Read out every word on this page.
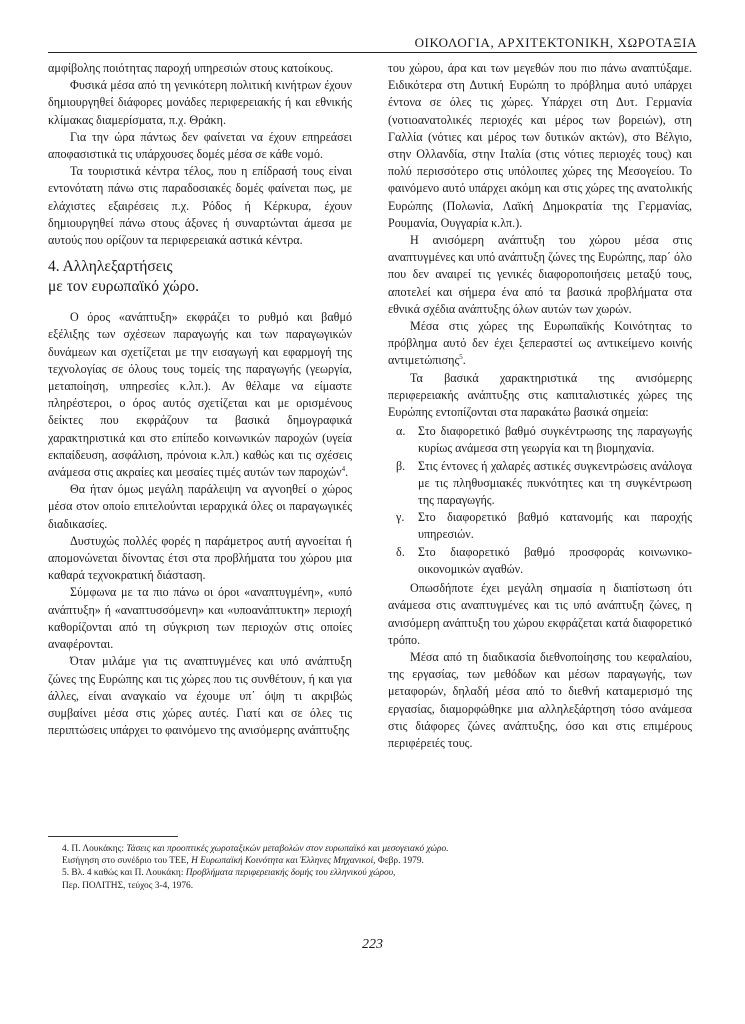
$_{OIKO\Lambda O\Gamma IA, APXITEKTONIKH, X\Omega POTA\Xi IA}$

αμφίβολης ποιότητας παροχή υπηρεσιών στους κατοίκους.

Φυσικά μέσα από τη γενικότερη πολιτική κινήτρων έχουν δημιουργηθεί διάφορες μονάδες περιφερειακής ή και εθνικής κλίμακας διαμερίσματα, π.χ. Θράκη.

Για την ώρα πάντως δεν φαίνεται να έχουν επηρεάσει αποφασιστικά τις υπάρχουσες δομές μέσα σε κάθε νομό.

Τα τουριστικά κέντρα τέλος, που η επίδρασή τους είναι εντονότατη πάνω στις παραδοσιακές δομές φαίνεται πως, με ελάχιστες εξαιρέσεις π.χ. Ρόδος ή Κέρκυρα, έχουν δημιουργηθεί πάνω στους άξονες ή συναρτώνται άμεσα με αυτούς που ορίζουν τα περιφερειακά αστικά κέντρα.

4. Αλληλεξαρτήσεις
με τον ευρωπαϊκό χώρο.

Ο όρος «ανάπτυξη» εκφράζει το ρυθμό και βαθμό εξέλιξης των σχέσεων παραγωγής και των παραγωγικών δυνάμεων και σχετίζεται με την εισαγωγή και εφαρμογή της τεχνολογίας σε όλους τους τομείς της παραγωγής (γεωργία, μεταποίηση, υπηρεσίες κ.λπ.). Αν θέλαμε να είμαστε πληρέστεροι, ο όρος αυτός σχετίζεται και με ορισμένους δείκτες που εκφράζουν τα βασικά δημογραφικά χαρακτηριστικά και στο επίπεδο κοινωνικών παροχών (υγεία εκπαίδευση, ασφάλιση, πρόνοια κ.λπ.) καθώς και τις σχέσεις ανάμεσα στις ακραίες και μεσαίες τιμές αυτών των παροχών$^4$.

Θα ήταν όμως μεγάλη παράλειψη να αγνοηθεί ο χώρος μέσα στον οποίο επιτελούνται ιεραρχικά όλες οι παραγωγικές διαδικασίες.

Δυστυχώς πολλές φορές η παράμετρος αυτή αγνοείται ή απομονώνεται δίνοντας έτσι στα προβλήματα του χώρου μια καθαρά τεχνοκρατική διάσταση.

Σύμφωνα με τα πιο πάνω οι όροι «αναπτυγμένη», «υπό ανάπτυξη» ή «αναπτυσσόμενη» και «υποανάπτυκτη» περιοχή καθορίζονται από τη σύγκριση των περιοχών στις οποίες αναφέρονται.

Όταν μιλάμε για τις αναπτυγμένες και υπό ανάπτυξη ζώνες της Ευρώπης και τις χώρες που τις συνθέτουν, ή και για άλλες, είναι αναγκαίο να έχουμε υπ΄ όψη τι ακριβώς συμβαίνει μέσα στις χώρες αυτές. Γιατί και σε όλες τις περιπτώσεις υπάρχει το φαινόμενο της ανισόμερης ανάπτυξης

του χώρου, άρα και των μεγεθών που πιο πάνω αναπτύξαμε. Ειδικότερα στη Δυτική Ευρώπη το πρόβλημα αυτό υπάρχει έντονα σε όλες τις χώρες. Υπάρχει στη Δυτ. Γερμανία (νοτιοανατολικές περιοχές και μέρος των βορειών), στη Γαλλία (νότιες και μέρος των δυτικών ακτών), στο Βέλγιο, στην Ολλανδία, στην Ιταλία (στις νότιες περιοχές τους) και πολύ περισσότερο στις υπόλοιπες χώρες της Μεσογείου. Το φαινόμενο αυτό υπάρχει ακόμη και στις χώρες της ανατολικής Ευρώπης (Πολωνία, Λαϊκή Δημοκρατία της Γερμανίας, Ρουμανία, Ουγγαρία κ.λπ.).

Η ανισόμερη ανάπτυξη του χώρου μέσα στις αναπτυγμένες και υπό ανάπτυξη ζώνες της Ευρώπης, παρ΄ όλο που δεν αναιρεί τις γενικές διαφοροποιήσεις μεταξύ τους, αποτελεί και σήμερα ένα από τα βασικά προβλήματα στα εθνικά σχέδια ανάπτυξης όλων αυτών των χωρών.

Μέσα στις χώρες της Ευρωπαϊκής Κοινότητας το πρόβλημα αυτό δεν έχει ξεπεραστεί ως αντικείμενο κοινής αντιμετώπισης$^5$.

Τα βασικά χαρακτηριστικά της ανισόμερης περιφερειακής ανάπτυξης στις καπιταλιστικές χώρες της Ευρώπης εντοπίζονται στα παρακάτω βασικά σημεία:

α. Στο διαφορετικό βαθμό συγκέντρωσης της παραγωγής κυρίως ανάμεσα στη γεωργία και τη βιομηχανία.
β. Στις έντονες ή χαλαρές αστικές συγκεντρώσεις ανάλογα με τις πληθυσμιακές πυκνότητες και τη συγκέντρωση της παραγωγής.
γ. Στο διαφορετικό βαθμό κατανομής και παροχής υπηρεσιών.
δ. Στο διαφορετικό βαθμό προσφοράς κοινωνικο-οικονομικών αγαθών.

Οπωσδήποτε έχει μεγάλη σημασία η διαπίστωση ότι ανάμεσα στις αναπτυγμένες και τις υπό ανάπτυξη ζώνες, η ανισόμερη ανάπτυξη του χώρου εκφράζεται κατά διαφορετικό τρόπο.

Μέσα από τη διαδικασία διεθνοποίησης του κεφαλαίου, της εργασίας, των μεθόδων και μέσων παραγωγής, των μεταφορών, δηλαδή μέσα από το διεθνή καταμερισμό της εργασίας, διαμορφώθηκε μια αλληλεξάρτηση τόσο ανάμεσα στις διάφορες ζώνες ανάπτυξης, όσο και στις επιμέρους περιφέρειές τους.

4. Π. Λουκάκης: Τάσεις και προοπτικές χωροταξικών μεταβολών στον ευρωπαϊκό και μεσογειακό χώρο.
Εισήγηση στο συνέδριο του ΤΕΕ, Η Ευρωπαϊκή Κοινότητα και Έλληνες Μηχανικοί, Φεβρ. 1979.
5. Βλ. 4 καθώς και Π. Λουκάκη: Προβλήματα περιφερειακής δομής του ελληνικού χώρου,
Περ. ΠΟΛΙΤΗΣ, τεύχος 3-4, 1976.
223
